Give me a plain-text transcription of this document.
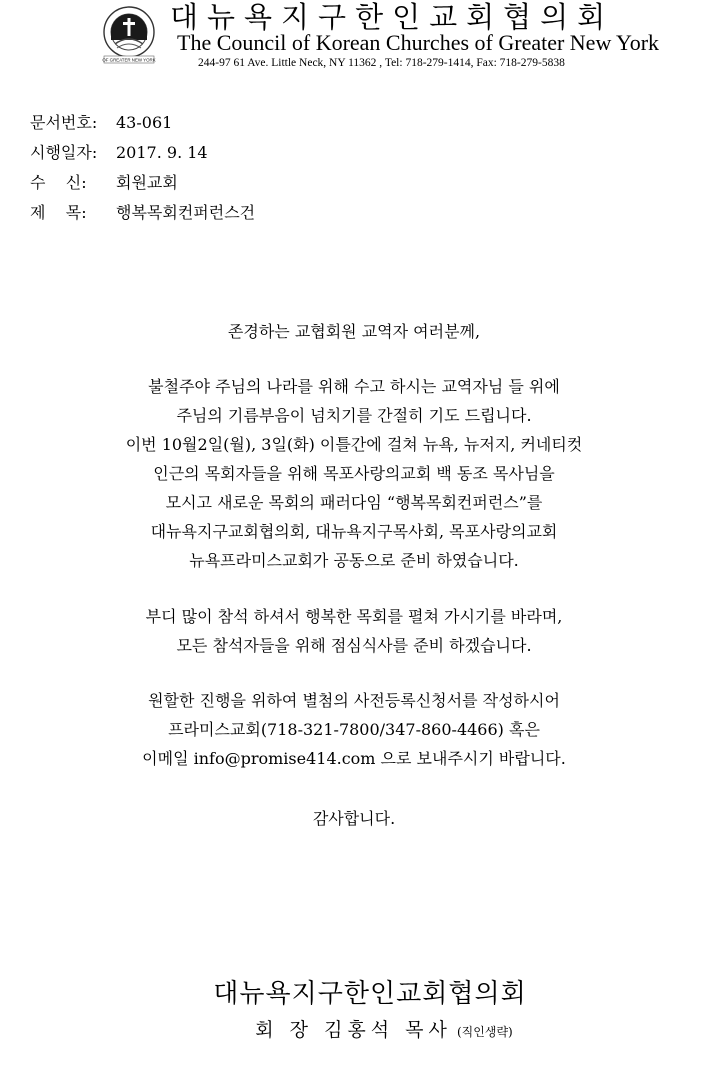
OF GREATER NEW YORK
대뉴욕지구한인교회협의회
The Council of Korean Churches of Greater New York
244-97 61 Ave. Little Neck, NY 11362 , Tel: 718-279-1414, Fax: 718-279-5838
문서번호:	43-061
시행일자:	2017. 9. 14
수    신:	회원교회
제    목:	행복목회컨퍼런스건

존경하는 교협회원 교역자 여러분께,

불철주야 주님의 나라를 위해 수고 하시는 교역자님 들 위에
주님의 기름부음이 넘치기를 간절히 기도 드립니다.
이번 10월2일(월), 3일(화) 이틀간에 걸쳐 뉴욕, 뉴저지, 커네티컷
인근의 목회자들을 위해 목포사랑의교회 백 동조 목사님을
모시고 새로운 목회의 패러다임 “행복목회컨퍼런스”를
대뉴욕지구교회협의회, 대뉴욕지구목사회, 목포사랑의교회
뉴욕프라미스교회가 공동으로 준비 하였습니다.

부디 많이 참석 하셔서 행복한 목회를 펼쳐 가시기를 바라며,
모든 참석자들을 위해 점심식사를 준비 하겠습니다.

원할한 진행을 위하여 별첨의 사전등록신청서를 작성하시어
프라미스교회(718-321-7800/347-860-4466) 혹은
이메일 info@promise414.com 으로 보내주시기 바랍니다.

감사합니다.

대뉴욕지구한인교회협의회
회 장 김홍석 목사 (직인생략)
